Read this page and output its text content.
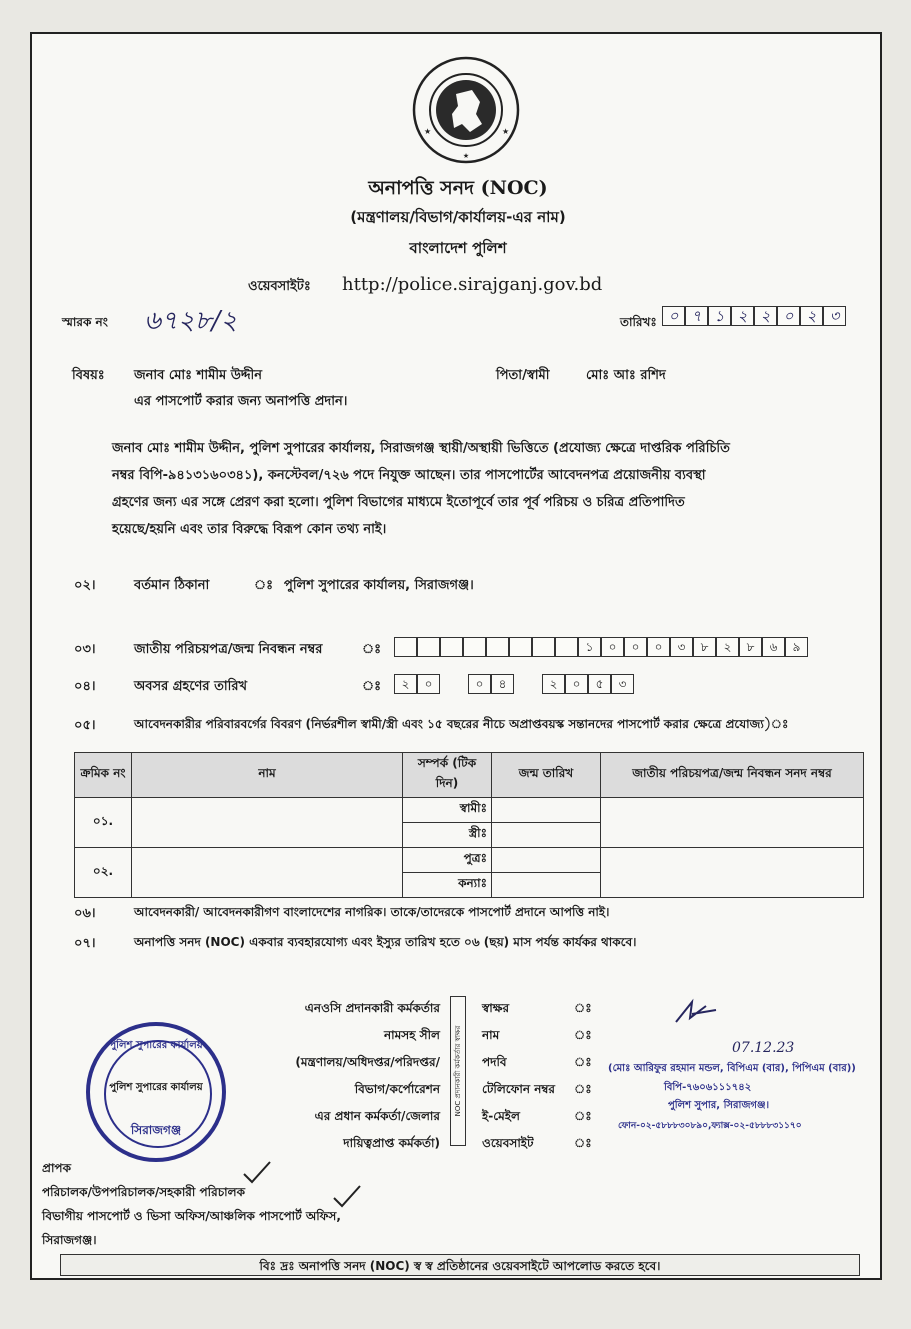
★
★	★
অনাপত্তি সনদ (NOC)
(মন্ত্রণালয়/বিভাগ/কার্যালয়-এর নাম)
বাংলাদেশ পুলিশ
ওয়েবসাইটঃ http://police.sirajganj.gov.bd
স্মারক নং ৬৭২৮/২	তারিখঃ ০ ৭ ১ ২ ২ ০ ২ ৩
বিষয়ঃ জনাব মোঃ শামীম উদ্দীন	পিতা/স্বামী	মোঃ আঃ রশিদ
এর পাসপোর্ট করার জন্য অনাপত্তি প্রদান।
জনাব মোঃ শামীম উদ্দীন, পুলিশ সুপারের কার্যালয়, সিরাজগঞ্জ স্থায়ী/অস্থায়ী ভিত্তিতে (প্রযোজ্য ক্ষেত্রে দাপ্তরিক পরিচিতি
নম্বর বিপি-৯৪১৩১৬০৩৪১), কনস্টেবল/৭২৬ পদে নিযুক্ত আছেন। তার পাসপোর্টের আবেদনপত্র প্রয়োজনীয় ব্যবস্থা
গ্রহণের জন্য এর সঙ্গে প্রেরণ করা হলো। পুলিশ বিভাগের মাধ্যমে ইতোপূর্বে তার পূর্ব পরিচয় ও চরিত্র প্রতিপাদিত
হয়েছে/হয়নি এবং তার বিরুদ্ধে বিরূপ কোন তথ্য নাই।
০২।	বর্তমান ঠিকানা	ঃ পুলিশ সুপারের কার্যালয়, সিরাজগঞ্জ।
০৩।	জাতীয় পরিচয়পত্র/জন্ম নিবন্ধন নম্বর	ঃ	১	০	০	০	৩	৮	২	৮	৬	৯
০৪।	অবসর গ্রহণের তারিখ	ঃ	২	০	০	৪	২	০	৫	৩
০৫।	আবেদনকারীর পরিবারবর্গের বিবরণ (নির্ভরশীল স্বামী/স্ত্রী এবং ১৫ বছরের নীচে অপ্রাপ্তবয়স্ক সন্তানদের পাসপোর্ট করার ক্ষেত্রে প্রযোজ্য)ঃ
ক্রমিক নং	নাম	সম্পর্ক (টিক দিন)	জন্ম তারিখ	জাতীয় পরিচয়পত্র/জন্ম নিবন্ধন সনদ নম্বর
০১.		স্বামীঃ		
		স্ত্রীঃ		
০২.		পুত্রঃ		
		কন্যাঃ		
০৬।	আবেদনকারী/ আবেদনকারীগণ বাংলাদেশের নাগরিক। তাকে/তাদেরকে পাসপোর্ট প্রদানে আপত্তি নাই।
০৭।	অনাপত্তি সনদ (NOC) একবার ব্যবহারযোগ্য এবং ইস্যুর তারিখ হতে ০৬ (ছয়) মাস পর্যন্ত কার্যকর থাকবে।
এনওসি প্রদানকারী কর্মকর্তার
নামসহ সীল
(মন্ত্রণালয়/অধিদপ্তর/পরিদপ্তর/
বিভাগ/কর্পোরেশন
এর প্রধান কর্মকর্তা/জেলার
দায়িত্বপ্রাপ্ত কর্মকর্তা)
NOC প্রদানকারী কর্মকর্তার স্বাক্ষর
স্বাক্ষর
নাম
পদবি
টেলিফোন নম্বর
ই-মেইল
ওয়েবসাইট
ঃ
ঃ
ঃ
ঃ
ঃ
ঃ
07.12.23
(মোঃ আরিফুর রহমান মন্ডল, বিপিএম (বার), পিপিএম (বার))
বিপি-৭৬০৬১১১৭৪২
পুলিশ সুপার, সিরাজগঞ্জ।
ফোন-০২-৫৮৮৮৩০৮৯০,ফ্যাক্স-০২-৫৮৮৮৩১১৭০
পুলিশ সুপারের কার্যালয়
পুলিশ সুপারের কার্যালয়
সিরাজগঞ্জ
প্রাপক
পরিচালক/উপপরিচালক/সহকারী পরিচালক
বিভাগীয় পাসপোর্ট ও ভিসা অফিস/আঞ্চলিক পাসপোর্ট অফিস,
সিরাজগঞ্জ।
বিঃ দ্রঃ অনাপত্তি সনদ (NOC) স্ব স্ব প্রতিষ্ঠানের ওয়েবসাইটে আপলোড করতে হবে।
